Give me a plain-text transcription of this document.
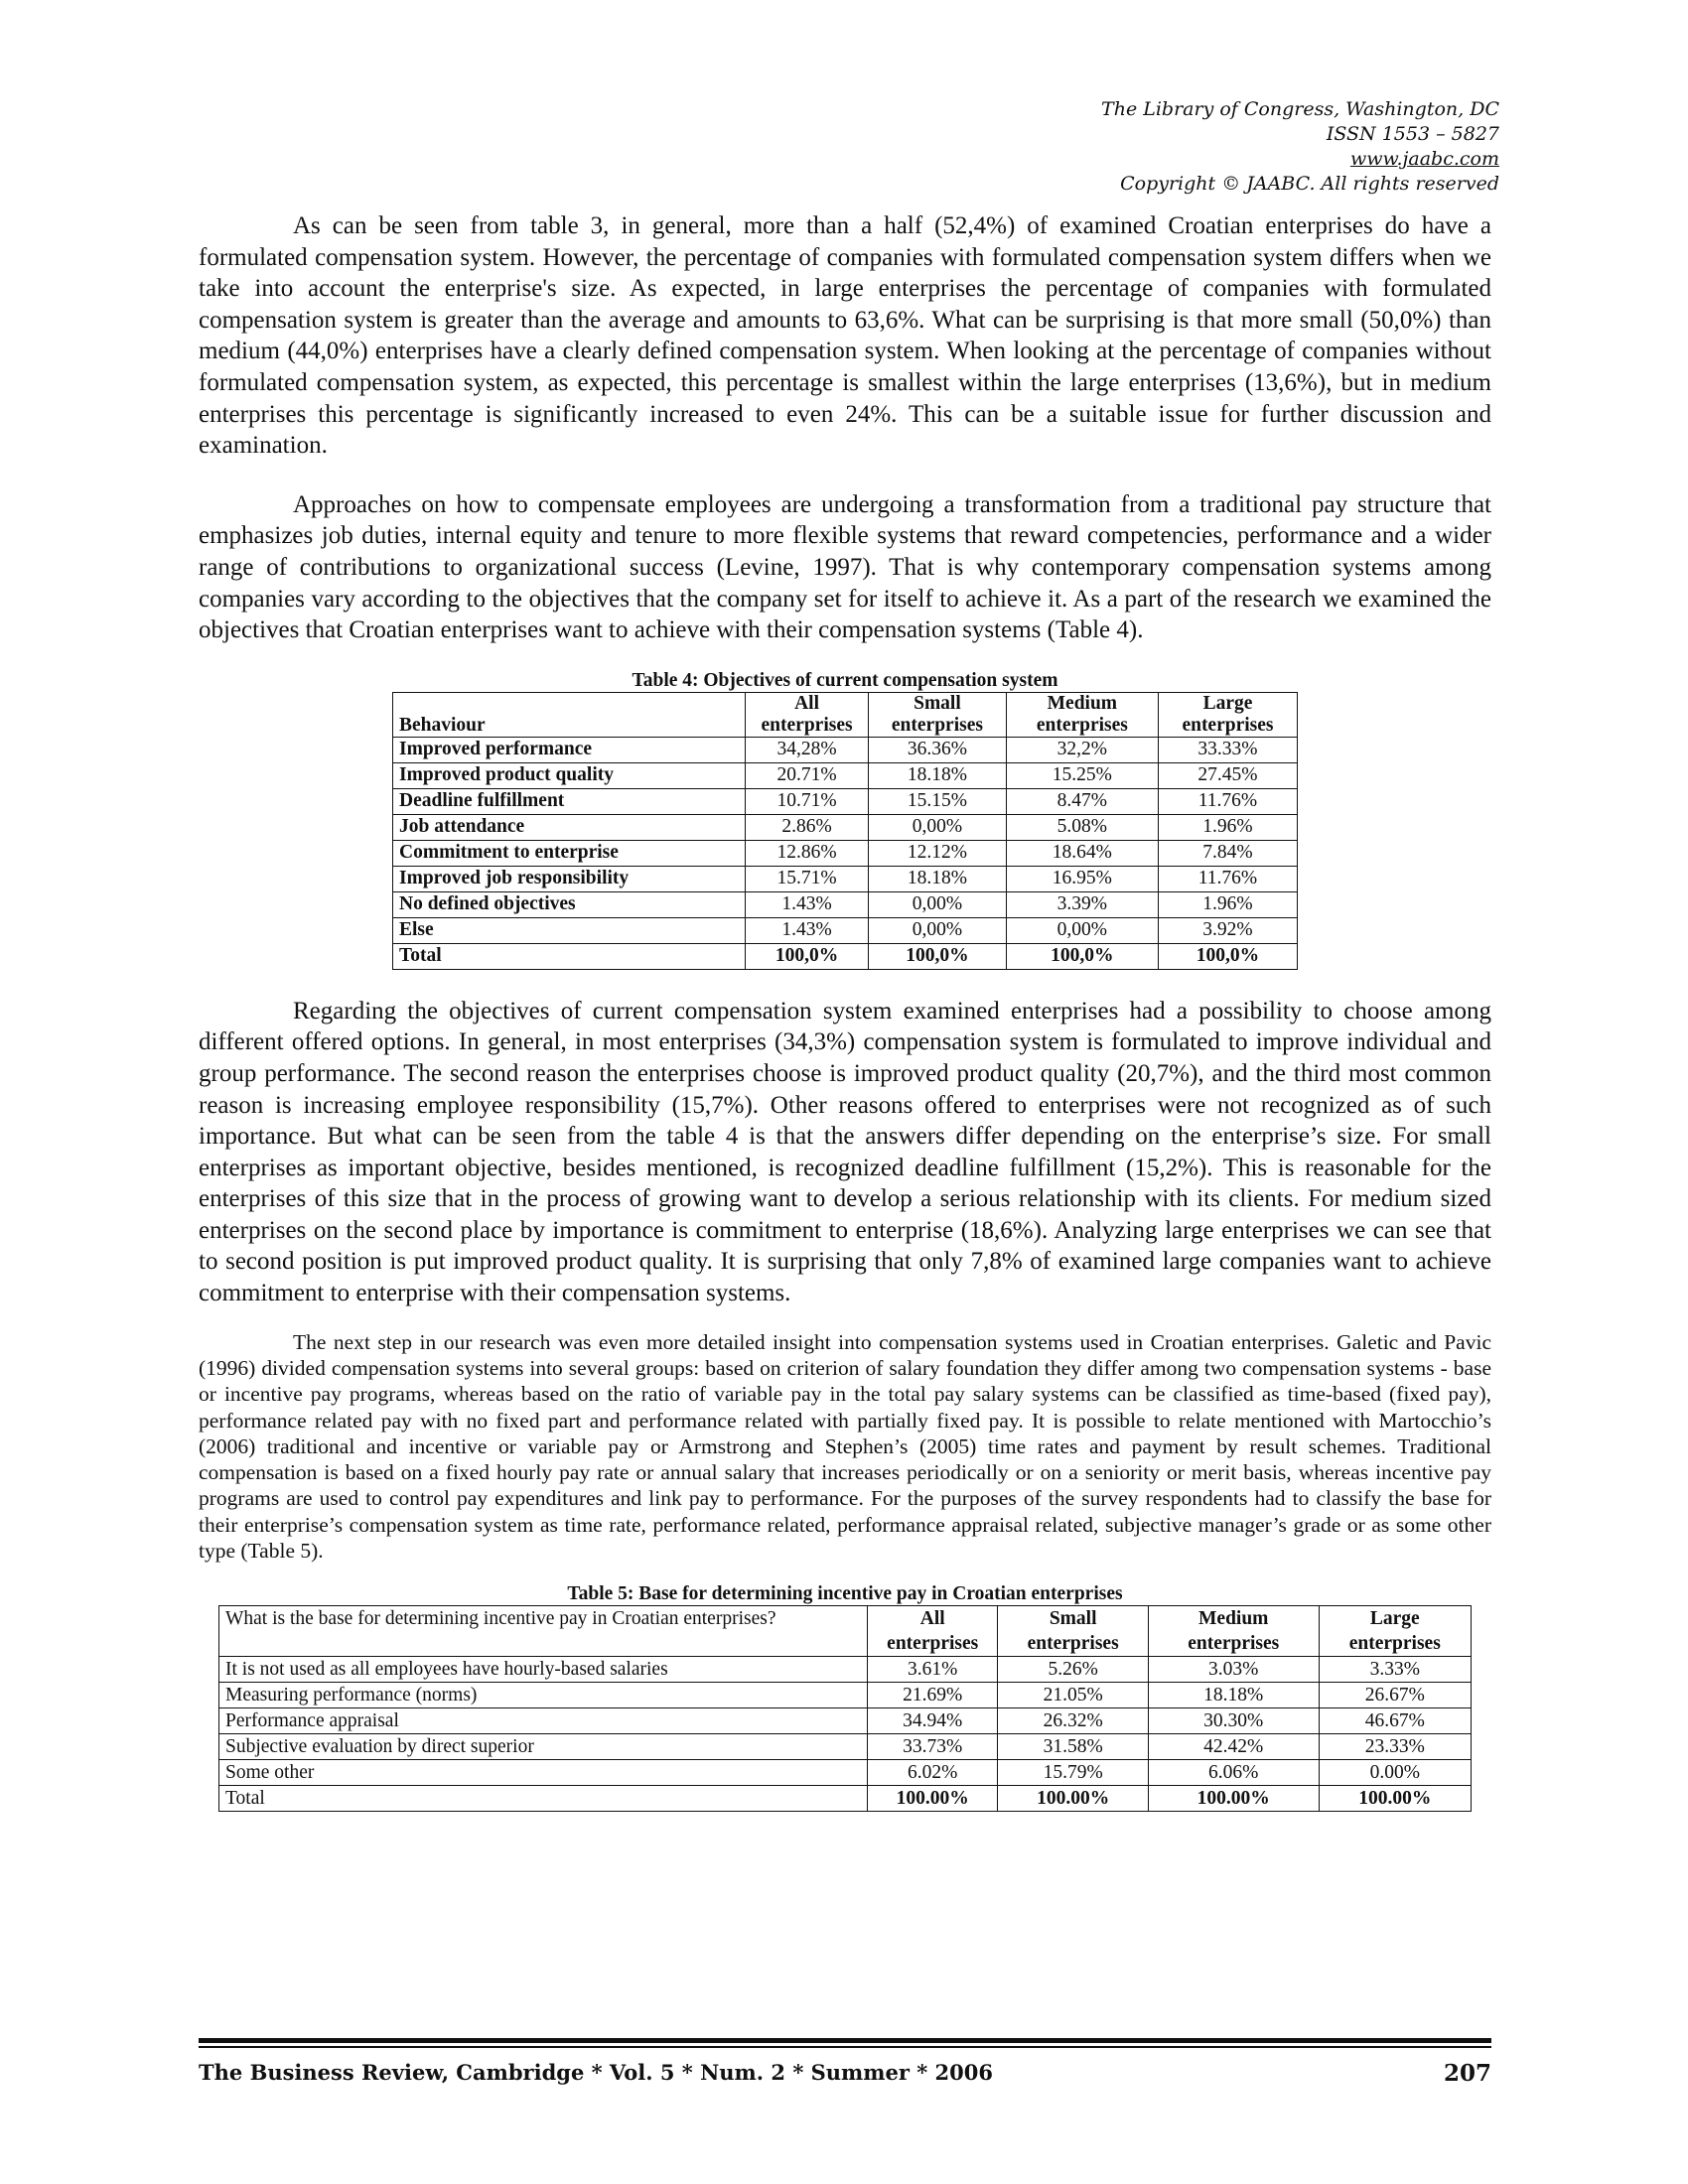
The Library of Congress, Washington, DC
ISSN 1553 – 5827
www.jaabc.com
Copyright © JAABC. All rights reserved

As can be seen from table 3, in general, more than a half (52,4%) of examined Croatian enterprises do have a formulated compensation system. However, the percentage of companies with formulated compensation system differs when we take into account the enterprise's size. As expected, in large enterprises the percentage of companies with formulated compensation system is greater than the average and amounts to 63,6%. What can be surprising is that more small (50,0%) than medium (44,0%) enterprises have a clearly defined compensation system. When looking at the percentage of companies without formulated compensation system, as expected, this percentage is smallest within the large enterprises (13,6%), but in medium enterprises this percentage is significantly increased to even 24%. This can be a suitable issue for further discussion and examination.

Approaches on how to compensate employees are undergoing a transformation from a traditional pay structure that emphasizes job duties, internal equity and tenure to more flexible systems that reward competencies, performance and a wider range of contributions to organizational success (Levine, 1997). That is why contemporary compensation systems among companies vary according to the objectives that the company set for itself to achieve it. As a part of the research we examined the objectives that Croatian enterprises want to achieve with their compensation systems (Table 4).

Table 4: Objectives of current compensation system
Behaviour	All enterprises	Small enterprises	Medium enterprises	Large enterprises
Improved performance	34,28%	36.36%	32,2%	33.33%
Improved product quality	20.71%	18.18%	15.25%	27.45%
Deadline fulfillment	10.71%	15.15%	8.47%	11.76%
Job attendance	2.86%	0,00%	5.08%	1.96%
Commitment to enterprise	12.86%	12.12%	18.64%	7.84%
Improved job responsibility	15.71%	18.18%	16.95%	11.76%
No defined objectives	1.43%	0,00%	3.39%	1.96%
Else	1.43%	0,00%	0,00%	3.92%
Total	100,0%	100,0%	100,0%	100,0%

Regarding the objectives of current compensation system examined enterprises had a possibility to choose among different offered options. In general, in most enterprises (34,3%) compensation system is formulated to improve individual and group performance. The second reason the enterprises choose is improved product quality (20,7%), and the third most common reason is increasing employee responsibility (15,7%). Other reasons offered to enterprises were not recognized as of such importance. But what can be seen from the table 4 is that the answers differ depending on the enterprise’s size. For small enterprises as important objective, besides mentioned, is recognized deadline fulfillment (15,2%). This is reasonable for the enterprises of this size that in the process of growing want to develop a serious relationship with its clients. For medium sized enterprises on the second place by importance is commitment to enterprise (18,6%). Analyzing large enterprises we can see that to second position is put improved product quality. It is surprising that only 7,8% of examined large companies want to achieve commitment to enterprise with their compensation systems.

The next step in our research was even more detailed insight into compensation systems used in Croatian enterprises. Galetic and Pavic (1996) divided compensation systems into several groups: based on criterion of salary foundation they differ among two compensation systems - base or incentive pay programs, whereas based on the ratio of variable pay in the total pay salary systems can be classified as time-based (fixed pay), performance related pay with no fixed part and performance related with partially fixed pay. It is possible to relate mentioned with Martocchio’s (2006) traditional and incentive or variable pay or Armstrong and Stephen’s (2005) time rates and payment by result schemes. Traditional compensation is based on a fixed hourly pay rate or annual salary that increases periodically or on a seniority or merit basis, whereas incentive pay programs are used to control pay expenditures and link pay to performance. For the purposes of the survey respondents had to classify the base for their enterprise’s compensation system as time rate, performance related, performance appraisal related, subjective manager’s grade or as some other type (Table 5).

Table 5: Base for determining incentive pay in Croatian enterprises
What is the base for determining incentive pay in Croatian enterprises?	All enterprises	Small enterprises	Medium enterprises	Large enterprises
It is not used as all employees have hourly-based salaries	3.61%	5.26%	3.03%	3.33%
Measuring performance (norms)	21.69%	21.05%	18.18%	26.67%
Performance appraisal	34.94%	26.32%	30.30%	46.67%
Subjective evaluation by direct superior	33.73%	31.58%	42.42%	23.33%
Some other	6.02%	15.79%	6.06%	0.00%
Total	100.00%	100.00%	100.00%	100.00%
The Business Review, Cambridge * Vol. 5 * Num. 2 * Summer * 2006	207
